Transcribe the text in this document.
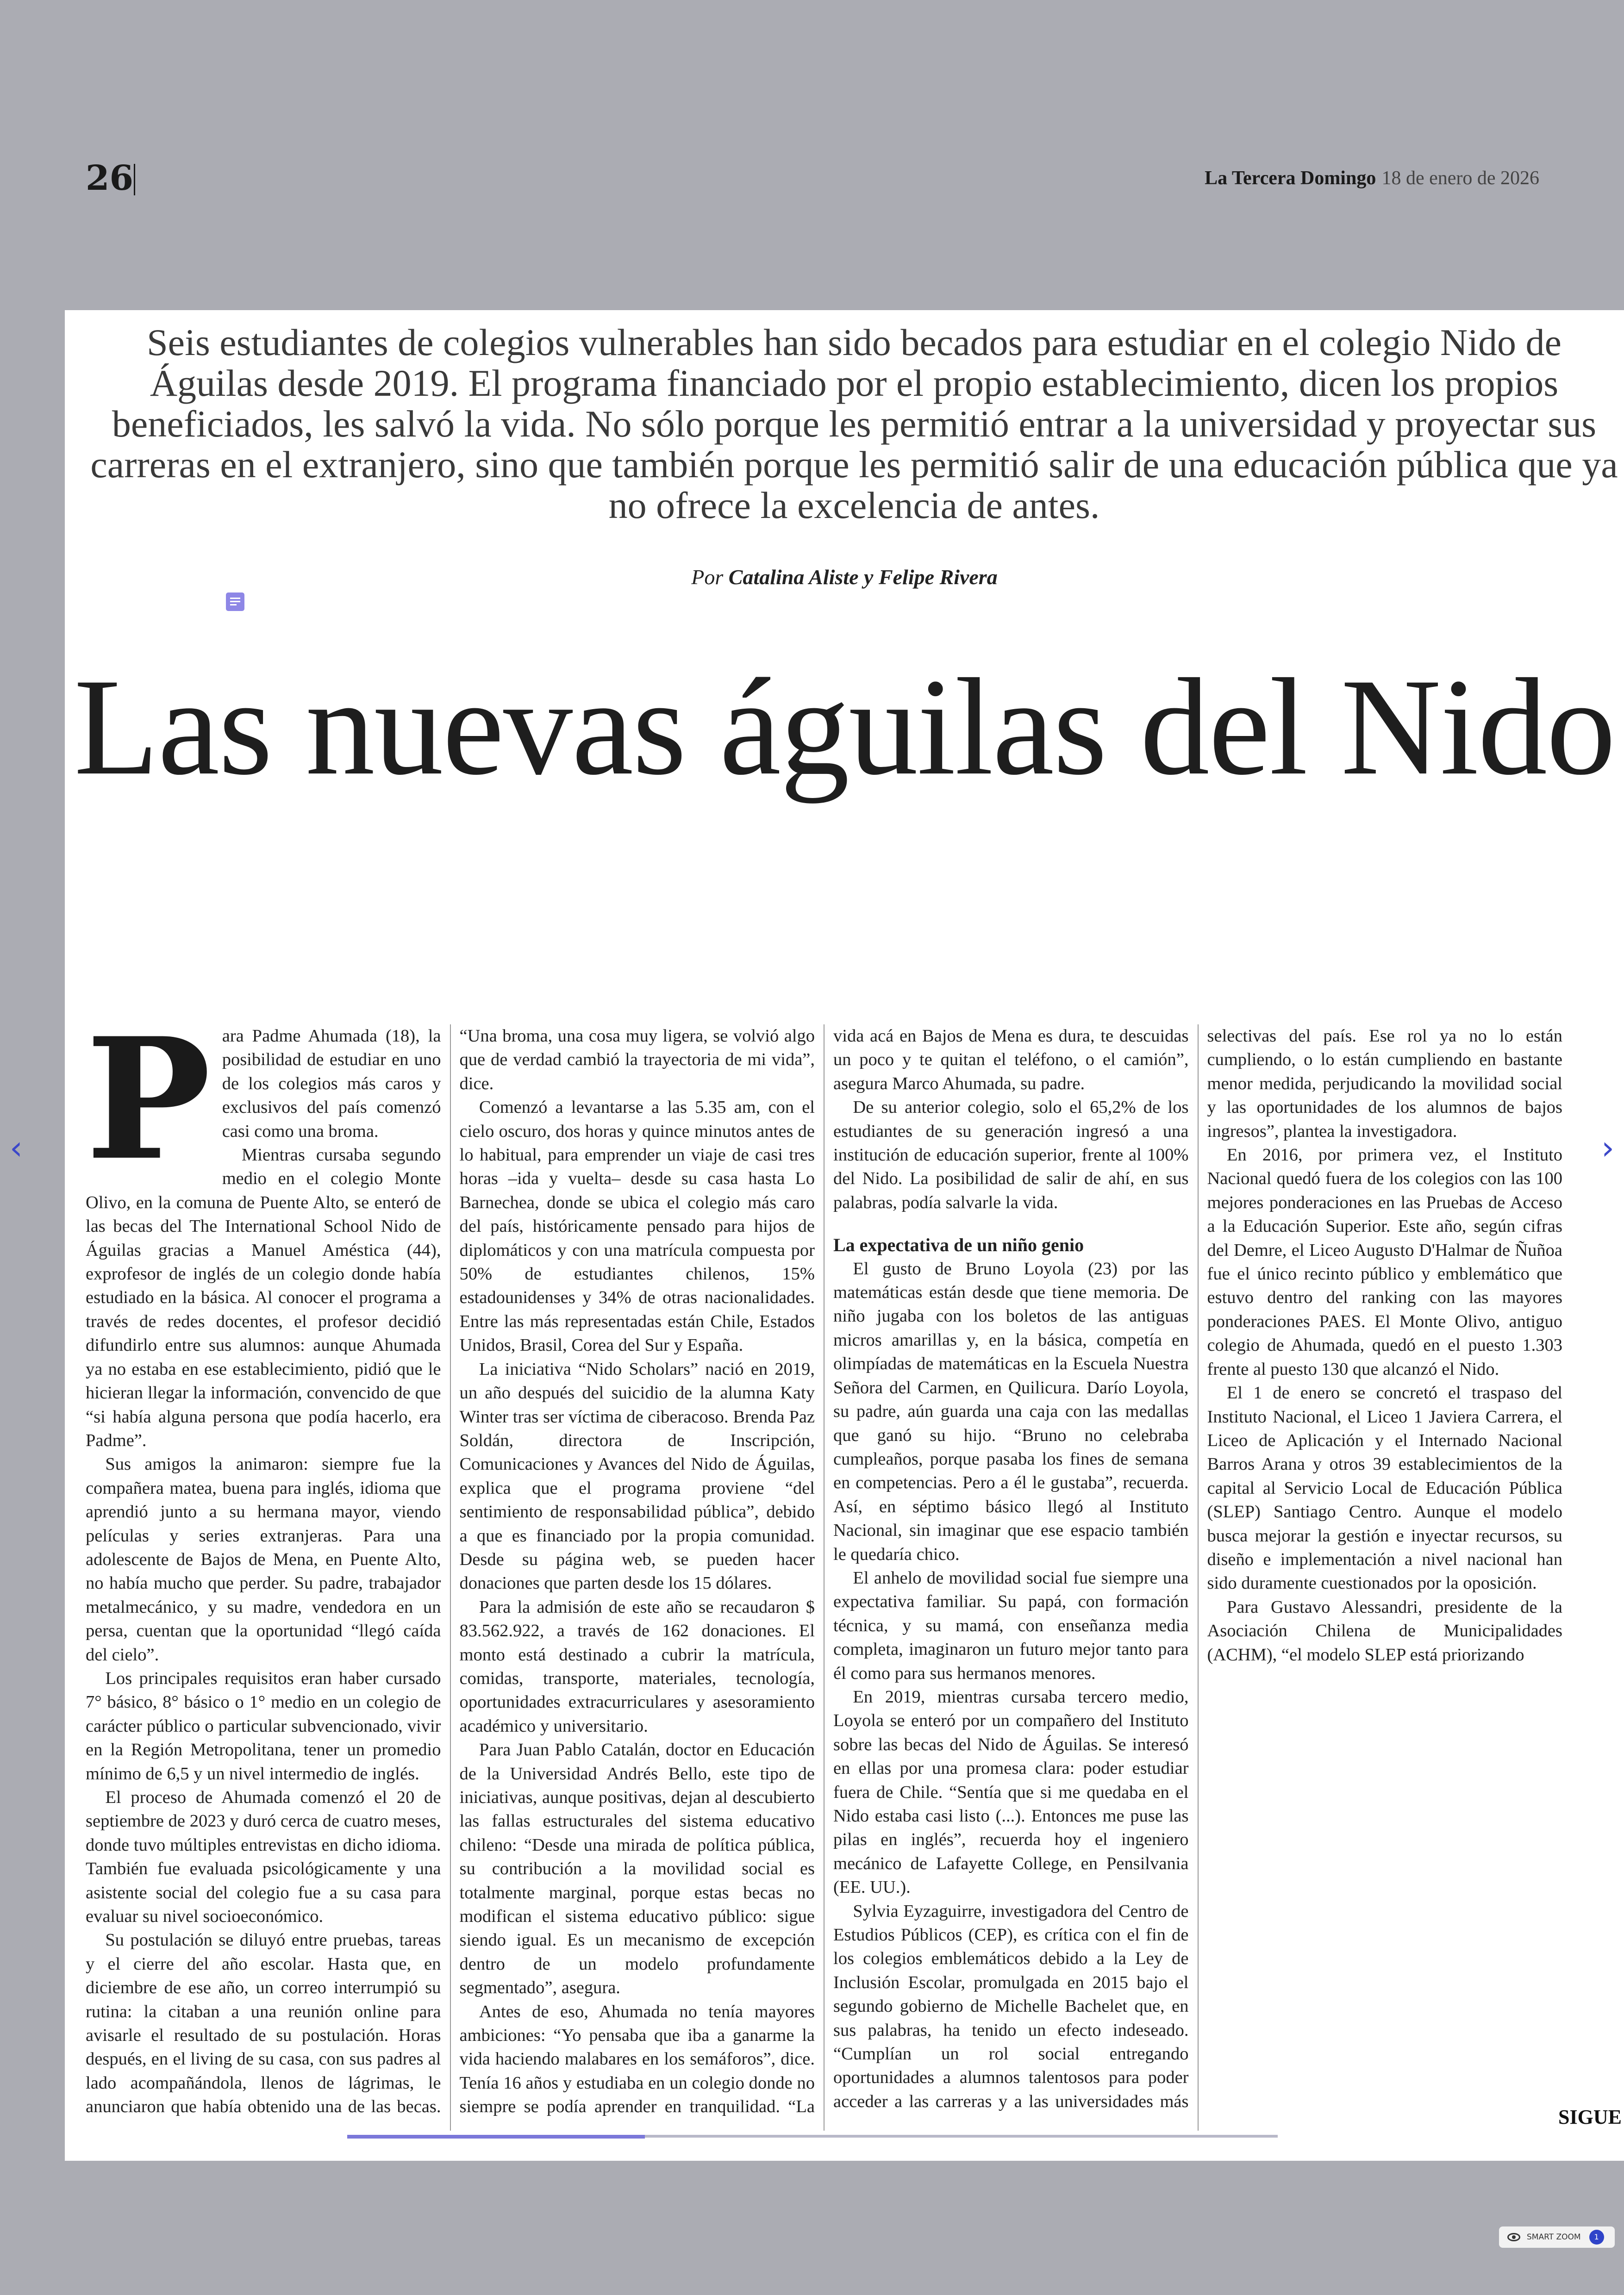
26	La Tercera Domingo 18 de enero de 2026

Seis estudiantes de colegios vulnerables han sido becados para estudiar en el colegio Nido de Águilas desde 2019. El programa financiado por el propio establecimiento, dicen los propios beneficiados, les salvó la vida. No sólo porque les permitió entrar a la universidad y proyectar sus carreras en el extranjero, sino que también porque les permitió salir de una educación pública que ya no ofrece la excelencia de antes.

Por Catalina Aliste y Felipe Rivera
Las nuevas águilas del Nido

Para Padme Ahumada (18), la posibilidad de estudiar en uno de los colegios más caros y exclusivos del país comenzó casi como una broma.

Mientras cursaba segundo medio en el colegio Monte Olivo, en la comuna de Puente Alto, se enteró de las becas del The International School Nido de Águilas gracias a Manuel Améstica (44), exprofesor de inglés de un colegio donde había estudiado en la básica. Al conocer el programa a través de redes docentes, el profesor decidió difundirlo entre sus alumnos: aunque Ahumada ya no estaba en ese establecimiento, pidió que le hicieran llegar la información, convencido de que “si había alguna persona que podía hacerlo, era Padme”.

Sus amigos la animaron: siempre fue la compañera matea, buena para inglés, idioma que aprendió junto a su hermana mayor, viendo películas y series extranjeras. Para una adolescente de Bajos de Mena, en Puente Alto, no había mucho que perder. Su padre, trabajador metalmecánico, y su madre, vendedora en un persa, cuentan que la oportunidad “llegó caída del cielo”.

Los principales requisitos eran haber cursado 7° básico, 8° básico o 1° medio en un colegio de carácter público o particular subvencionado, vivir en la Región Metropolitana, tener un promedio mínimo de 6,5 y un nivel intermedio de inglés.

El proceso de Ahumada comenzó el 20 de septiembre de 2023 y duró cerca de cuatro meses, donde tuvo múltiples entrevistas en dicho idioma. También fue evaluada psicológicamente y una asistente social del colegio fue a su casa para evaluar su nivel socioeconómico.

Su postulación se diluyó entre pruebas, tareas y el cierre del año escolar. Hasta que, en diciembre de ese año, un correo interrumpió su rutina: la citaban a una reunión online para avisarle el resultado de su postulación. Horas después, en el living de su casa, con sus padres al lado acompañándola, llenos de lágrimas, le anunciaron que había obtenido una de las becas. “Una broma, una cosa muy ligera, se volvió algo que de verdad cambió la trayectoria de mi vida”, dice.

Comenzó a levantarse a las 5.35 am, con el cielo oscuro, dos horas y quince minutos antes de lo habitual, para emprender un viaje de casi tres horas –ida y vuelta– desde su casa hasta Lo Barnechea, donde se ubica el colegio más caro del país, históricamente pensado para hijos de diplomáticos y con una matrícula compuesta por 50% de estudiantes chilenos, 15% estadounidenses y 34% de otras nacionalidades. Entre las más representadas están Chile, Estados Unidos, Brasil, Corea del Sur y España.

La iniciativa “Nido Scholars” nació en 2019, un año después del suicidio de la alumna Katy Winter tras ser víctima de ciberacoso. Brenda Paz Soldán, directora de Inscripción, Comunicaciones y Avances del Nido de Águilas, explica que el programa proviene “del sentimiento de responsabilidad pública”, debido a que es financiado por la propia comunidad. Desde su página web, se pueden hacer donaciones que parten desde los 15 dólares.

Para la admisión de este año se recaudaron $ 83.562.922, a través de 162 donaciones. El monto está destinado a cubrir la matrícula, comidas, transporte, materiales, tecnología, oportunidades extracurriculares y asesoramiento académico y universitario.

Para Juan Pablo Catalán, doctor en Educación de la Universidad Andrés Bello, este tipo de iniciativas, aunque positivas, dejan al descubierto las fallas estructurales del sistema educativo chileno: “Desde una mirada de política pública, su contribución a la movilidad social es totalmente marginal, porque estas becas no modifican el sistema educativo público: sigue siendo igual. Es un mecanismo de excepción dentro de un modelo profundamente segmentado”, asegura.

Antes de eso, Ahumada no tenía mayores ambiciones: “Yo pensaba que iba a ganarme la vida haciendo malabares en los semáforos”, dice. Tenía 16 años y estudiaba en un colegio donde no siempre se podía aprender en tranquilidad. “La vida acá en Bajos de Mena es dura, te descuidas un poco y te quitan el teléfono, o el camión”, asegura Marco Ahumada, su padre.

De su anterior colegio, solo el 65,2% de los estudiantes de su generación ingresó a una institución de educación superior, frente al 100% del Nido. La posibilidad de salir de ahí, en sus palabras, podía salvarle la vida.

La expectativa de un niño genio

El gusto de Bruno Loyola (23) por las matemáticas están desde que tiene memoria. De niño jugaba con los boletos de las antiguas micros amarillas y, en la básica, competía en olimpíadas de matemáticas en la Escuela Nuestra Señora del Carmen, en Quilicura. Darío Loyola, su padre, aún guarda una caja con las medallas que ganó su hijo. “Bruno no celebraba cumpleaños, porque pasaba los fines de semana en competencias. Pero a él le gustaba”, recuerda. Así, en séptimo básico llegó al Instituto Nacional, sin imaginar que ese espacio también le quedaría chico.

El anhelo de movilidad social fue siempre una expectativa familiar. Su papá, con formación técnica, y su mamá, con enseñanza media completa, imaginaron un futuro mejor tanto para él como para sus hermanos menores.

En 2019, mientras cursaba tercero medio, Loyola se enteró por un compañero del Instituto sobre las becas del Nido de Águilas. Se interesó en ellas por una promesa clara: poder estudiar fuera de Chile. “Sentía que si me quedaba en el Nido estaba casi listo (...). Entonces me puse las pilas en inglés”, recuerda hoy el ingeniero mecánico de Lafayette College, en Pensilvania (EE. UU.).

Sylvia Eyzaguirre, investigadora del Centro de Estudios Públicos (CEP), es crítica con el fin de los colegios emblemáticos debido a la Ley de Inclusión Escolar, promulgada en 2015 bajo el segundo gobierno de Michelle Bachelet que, en sus palabras, ha tenido un efecto indeseado. “Cumplían un rol social entregando oportunidades a alumnos talentosos para poder acceder a las carreras y a las universidades más selectivas del país. Ese rol ya no lo están cumpliendo, o lo están cumpliendo en bastante menor medida, perjudicando la movilidad social y las oportunidades de los alumnos de bajos ingresos”, plantea la investigadora.

En 2016, por primera vez, el Instituto Nacional quedó fuera de los colegios con las 100 mejores ponderaciones en las Pruebas de Acceso a la Educación Superior. Este año, según cifras del Demre, el Liceo Augusto D'Halmar de Ñuñoa fue el único recinto público y emblemático que estuvo dentro del ranking con las mayores ponderaciones PAES. El Monte Olivo, antiguo colegio de Ahumada, quedó en el puesto 1.303 frente al puesto 130 que alcanzó el Nido.

El 1 de enero se concretó el traspaso del Instituto Nacional, el Liceo 1 Javiera Carrera, el Liceo de Aplicación y el Internado Nacional Barros Arana y otros 39 establecimientos de la capital al Servicio Local de Educación Pública (SLEP) Santiago Centro. Aunque el modelo busca mejorar la gestión e inyectar recursos, su diseño e implementación a nivel nacional han sido duramente cuestionados por la oposición.

Para Gustavo Alessandri, presidente de la Asociación Chilena de Municipalidades (ACHM), “el modelo SLEP está priorizando

SIGUE
‹	›
SMART ZOOM	1
